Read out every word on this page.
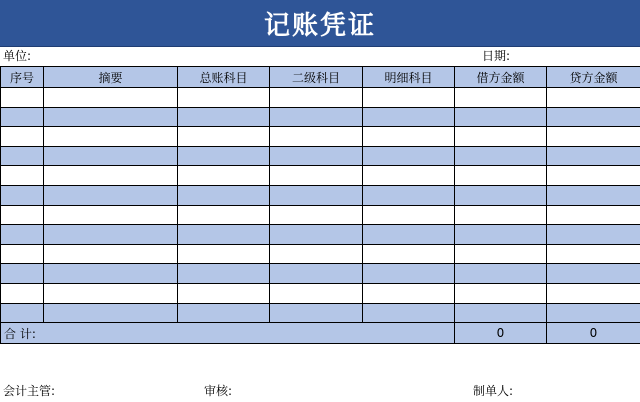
记账凭证
单位:	日期:
序号	摘要	总账科目	二级科目	明细科目	借方金额	贷方金额

合 计:					0	0
会计主管:	审核:	制单人:
